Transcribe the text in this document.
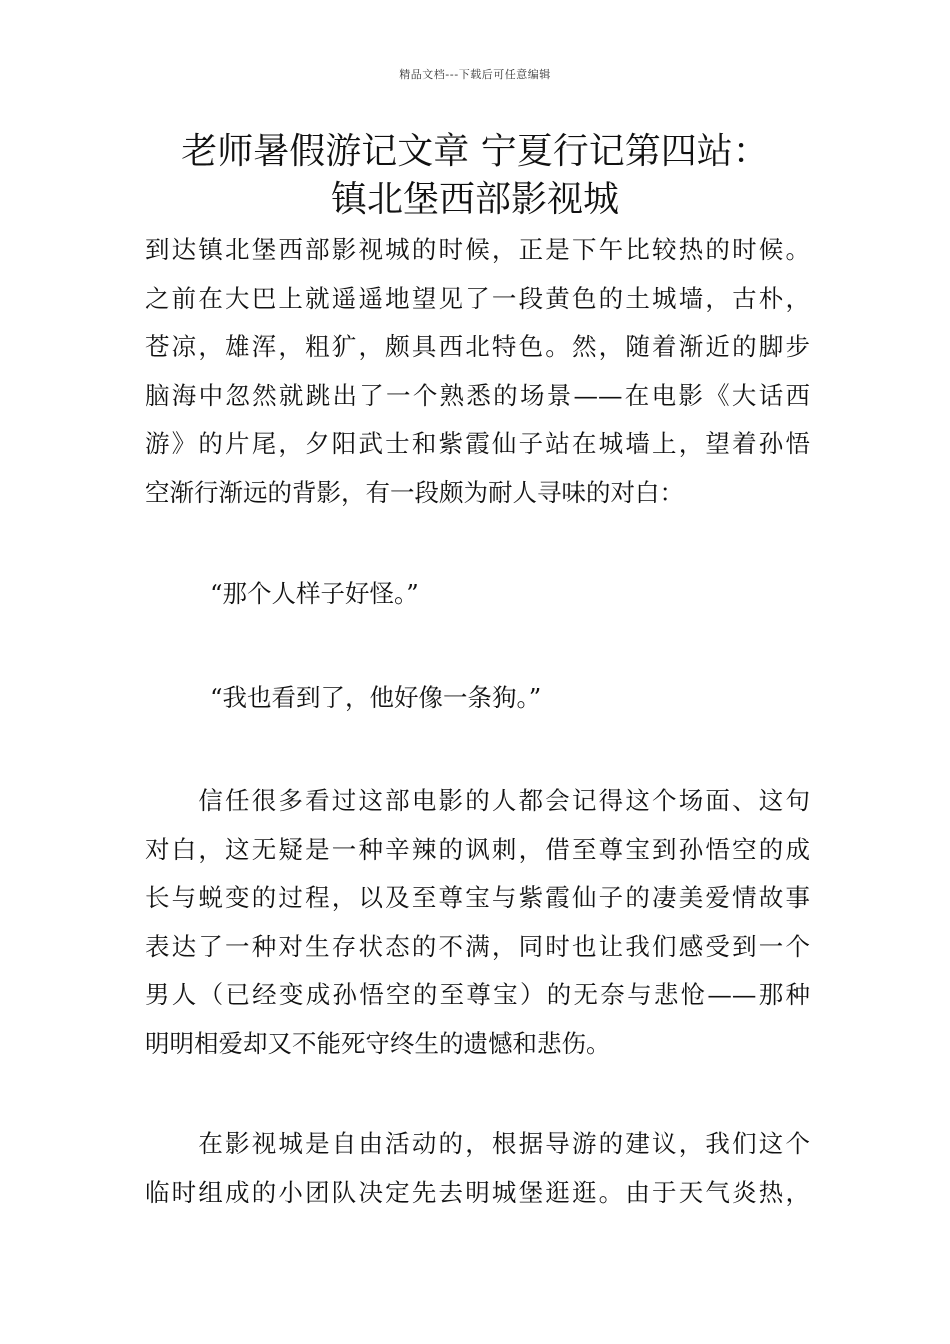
精品文档---下载后可任意编辑
老师暑假游记文章 宁夏行记第四站：
镇北堡西部影视城
到达镇北堡西部影视城的时候，正是下午比较热的时候。
之前在大巴上就遥遥地望见了一段黄色的土城墙，古朴，
苍凉，雄浑，粗犷，颇具西北特色。然，随着渐近的脚步
脑海中忽然就跳出了一个熟悉的场景——在电影《大话西
游》的片尾，夕阳武士和紫霞仙子站在城墙上，望着孙悟
空渐行渐远的背影，有一段颇为耐人寻味的对白：
“那个人样子好怪。”
“我也看到了，他好像一条狗。”
　　信任很多看过这部电影的人都会记得这个场面、这句
对白，这无疑是一种辛辣的讽刺，借至尊宝到孙悟空的成
长与蜕变的过程，以及至尊宝与紫霞仙子的凄美爱情故事
表达了一种对生存状态的不满，同时也让我们感受到一个
男人（已经变成孙悟空的至尊宝）的无奈与悲怆——那种
明明相爱却又不能死守终生的遗憾和悲伤。
　　在影视城是自由活动的，根据导游的建议，我们这个
临时组成的小团队决定先去明城堡逛逛。由于天气炎热，
